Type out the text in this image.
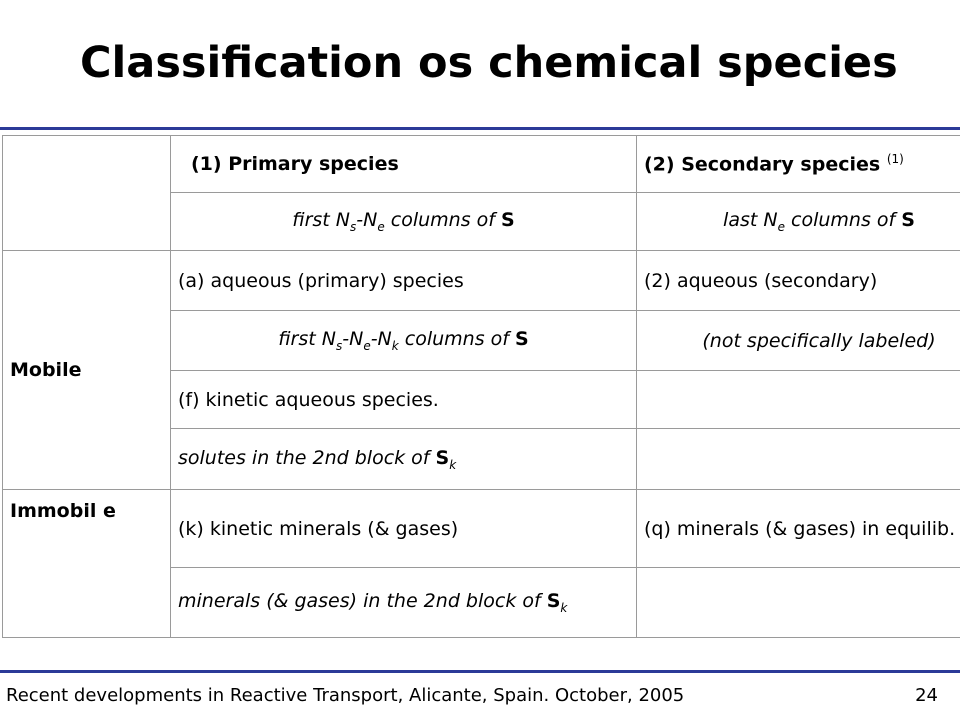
Classification os chemical species
	(1) Primary species	(2) Secondary species $^{(1)}$
	first $N_s-N_e$ columns of S	last $N_e$ columns of S
Mobile	(a) aqueous (primary) species	(2) aqueous (secondary)
	first $N_s-N_e-N_k$ columns of S	(not specifically labeled)
	(f) kinetic aqueous species.	
	solutes in the 2nd block of $S_k$	
Immobil e	(k) kinetic minerals (& gases)	(q) minerals (& gases) in equilib.
	minerals (& gases) in the 2nd block of $S_k$	
Recent developments in Reactive Transport, Alicante, Spain. October, 2005	24
